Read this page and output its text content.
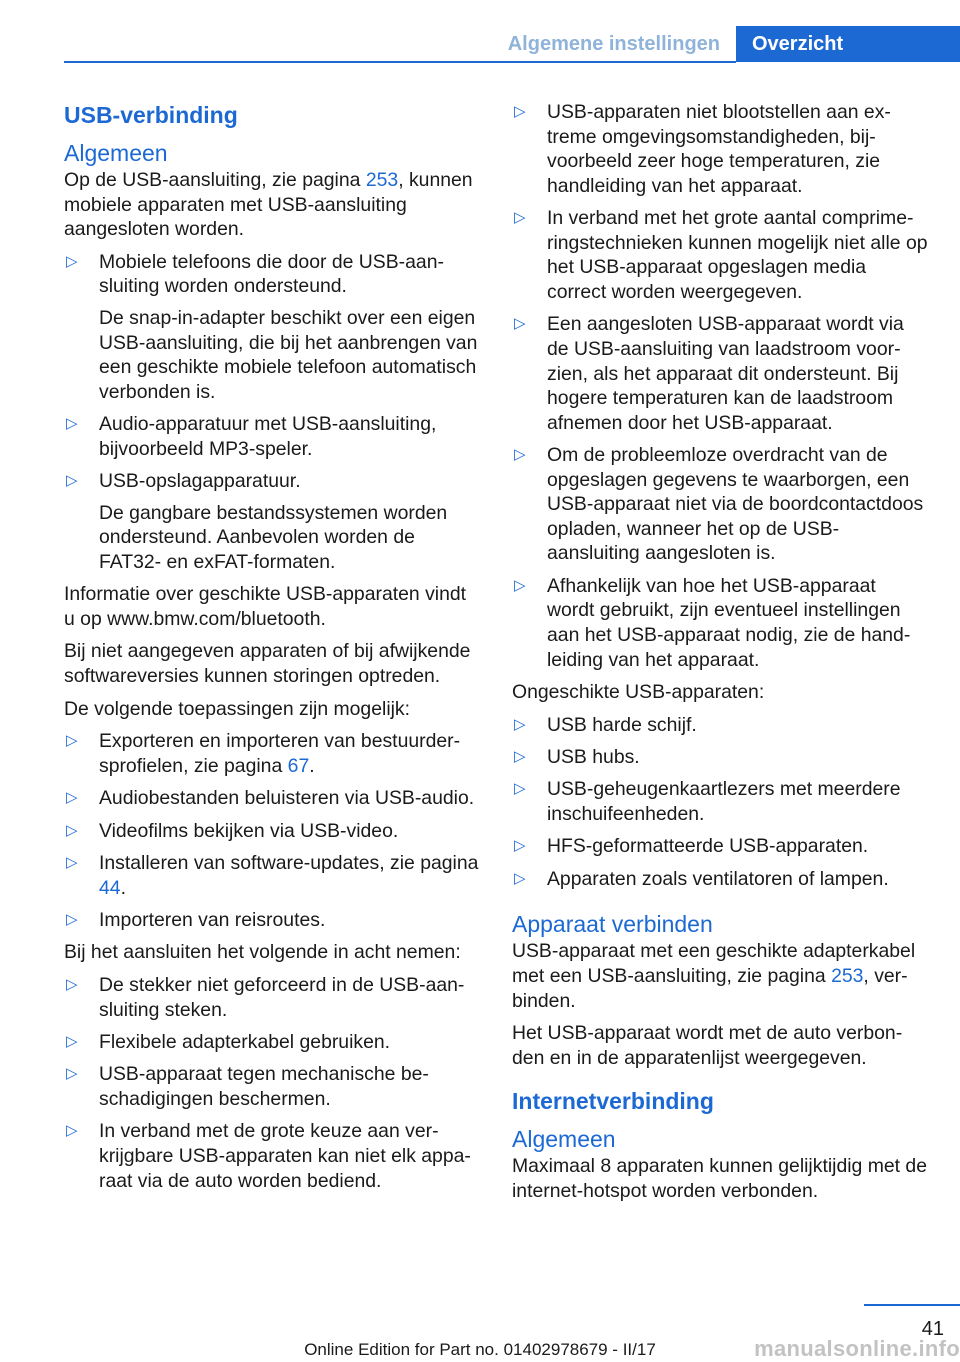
Algemene instellingen	Overzicht
USB-verbinding
Algemeen

Op de USB-aansluiting, zie pagina 253, kunnen mobiele apparaten met USB-aansluiting aangesloten worden.

▷ Mobiele telefoons die door de USB-aansluiting worden ondersteund.
De snap-in-adapter beschikt over een eigen USB-aansluiting, die bij het aanbrengen van een geschikte mobiele telefoon automatisch verbonden is.
▷ Audio-apparatuur met USB-aansluiting, bijvoorbeeld MP3-speler.
▷ USB-opslagapparatuur.
De gangbare bestandssystemen worden ondersteund. Aanbevolen worden de FAT32- en exFAT-formaten.

Informatie over geschikte USB-apparaten vindt u op www.bmw.com/bluetooth.

Bij niet aangegeven apparaten of bij afwijkende softwareversies kunnen storingen optreden.

De volgende toepassingen zijn mogelijk:

▷ Exporteren en importeren van bestuurdersprofielen, zie pagina 67.
▷ Audiobestanden beluisteren via USB-audio.
▷ Videofilms bekijken via USB-video.
▷ Installeren van software-updates, zie pagina 44.
▷ Importeren van reisroutes.

Bij het aansluiten het volgende in acht nemen:

▷ De stekker niet geforceerd in de USB-aansluiting steken.
▷ Flexibele adapterkabel gebruiken.
▷ USB-apparaat tegen mechanische beschadigingen beschermen.
▷ In verband met de grote keuze aan verkrijgbare USB-apparaten kan niet elk apparaat via de auto worden bediend.
▷ USB-apparaten niet blootstellen aan extreme omgevingsomstandigheden, bijvoorbeeld zeer hoge temperaturen, zie handleiding van het apparaat.
▷ In verband met het grote aantal comprimeringstechnieken kunnen mogelijk niet alle op het USB-apparaat opgeslagen media correct worden weergegeven.
▷ Een aangesloten USB-apparaat wordt via de USB-aansluiting van laadstroom voorzien, als het apparaat dit ondersteunt. Bij hogere temperaturen kan de laadstroom afnemen door het USB-apparaat.
▷ Om de probleemloze overdracht van de opgeslagen gegevens te waarborgen, een USB-apparaat niet via de boordcontactdoos opladen, wanneer het op de USB-aansluiting aangesloten is.
▷ Afhankelijk van hoe het USB-apparaat wordt gebruikt, zijn eventueel instellingen aan het USB-apparaat nodig, zie de handleiding van het apparaat.

Ongeschikte USB-apparaten:

▷ USB harde schijf.
▷ USB hubs.
▷ USB-geheugenkaartlezers met meerdere inschuifeenheden.
▷ HFS-geformatteerde USB-apparaten.
▷ Apparaten zoals ventilatoren of lampen.
Apparaat verbinden

USB-apparaat met een geschikte adapterkabel met een USB-aansluiting, zie pagina 253, verbinden.

Het USB-apparaat wordt met de auto verbonden en in de apparatenlijst weergegeven.

Internetverbinding
Algemeen

Maximaal 8 apparaten kunnen gelijktijdig met de internet-hotspot worden verbonden.

41
Online Edition for Part no. 01402978679 - II/17	manualsonline.info
